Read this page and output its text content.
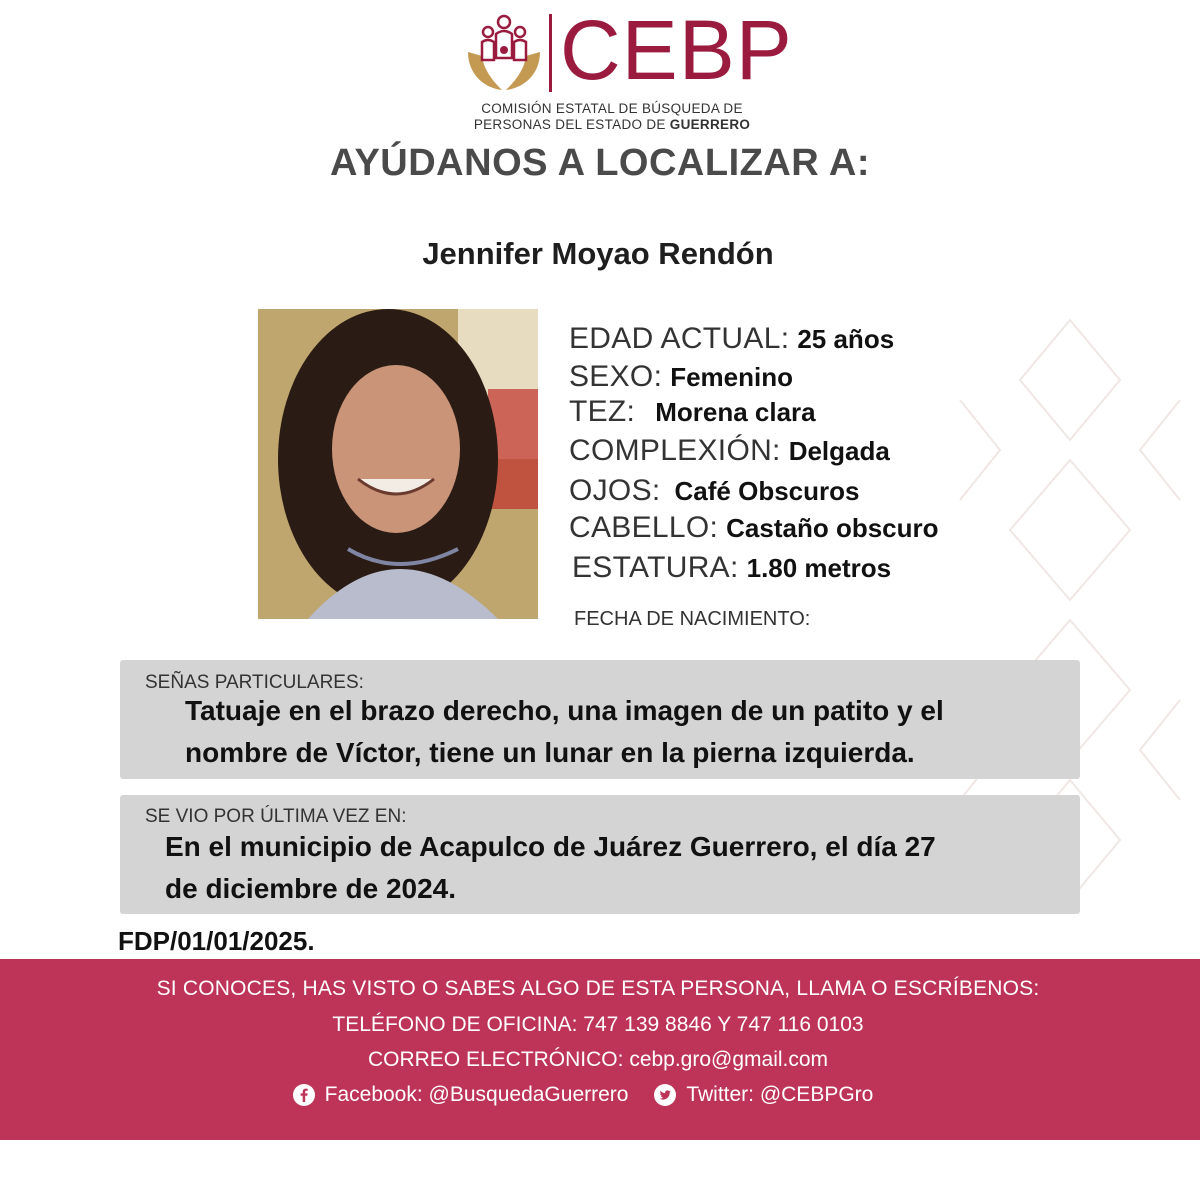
CEBP
COMISIÓN ESTATAL DE BÚSQUEDA DE
PERSONAS DEL ESTADO DE GUERRERO
AYÚDANOS A LOCALIZAR A:
Jennifer Moyao Rendón
EDAD ACTUAL: 25 años
SEXO: Femenino
TEZ: Morena clara
COMPLEXIÓN: Delgada
OJOS: Café Obscuros
CABELLO: Castaño obscuro
ESTATURA: 1.80 metros
FECHA DE NACIMIENTO:
SEÑAS PARTICULARES:
Tatuaje en el brazo derecho, una imagen de un patito y el
nombre de Víctor, tiene un lunar en la pierna izquierda.
SE VIO POR ÚLTIMA VEZ EN:
En el municipio de Acapulco de Juárez Guerrero, el día 27
de diciembre de 2024.
FDP/01/01/2025.
SI CONOCES, HAS VISTO O SABES ALGO DE ESTA PERSONA, LLAMA O ESCRÍBENOS:
TELÉFONO DE OFICINA: 747 139 8846 Y 747 116 0103
CORREO ELECTRÓNICO: cebp.gro@gmail.com
Facebook: @BusquedaGuerrero
	Twitter: @CEBPGro
